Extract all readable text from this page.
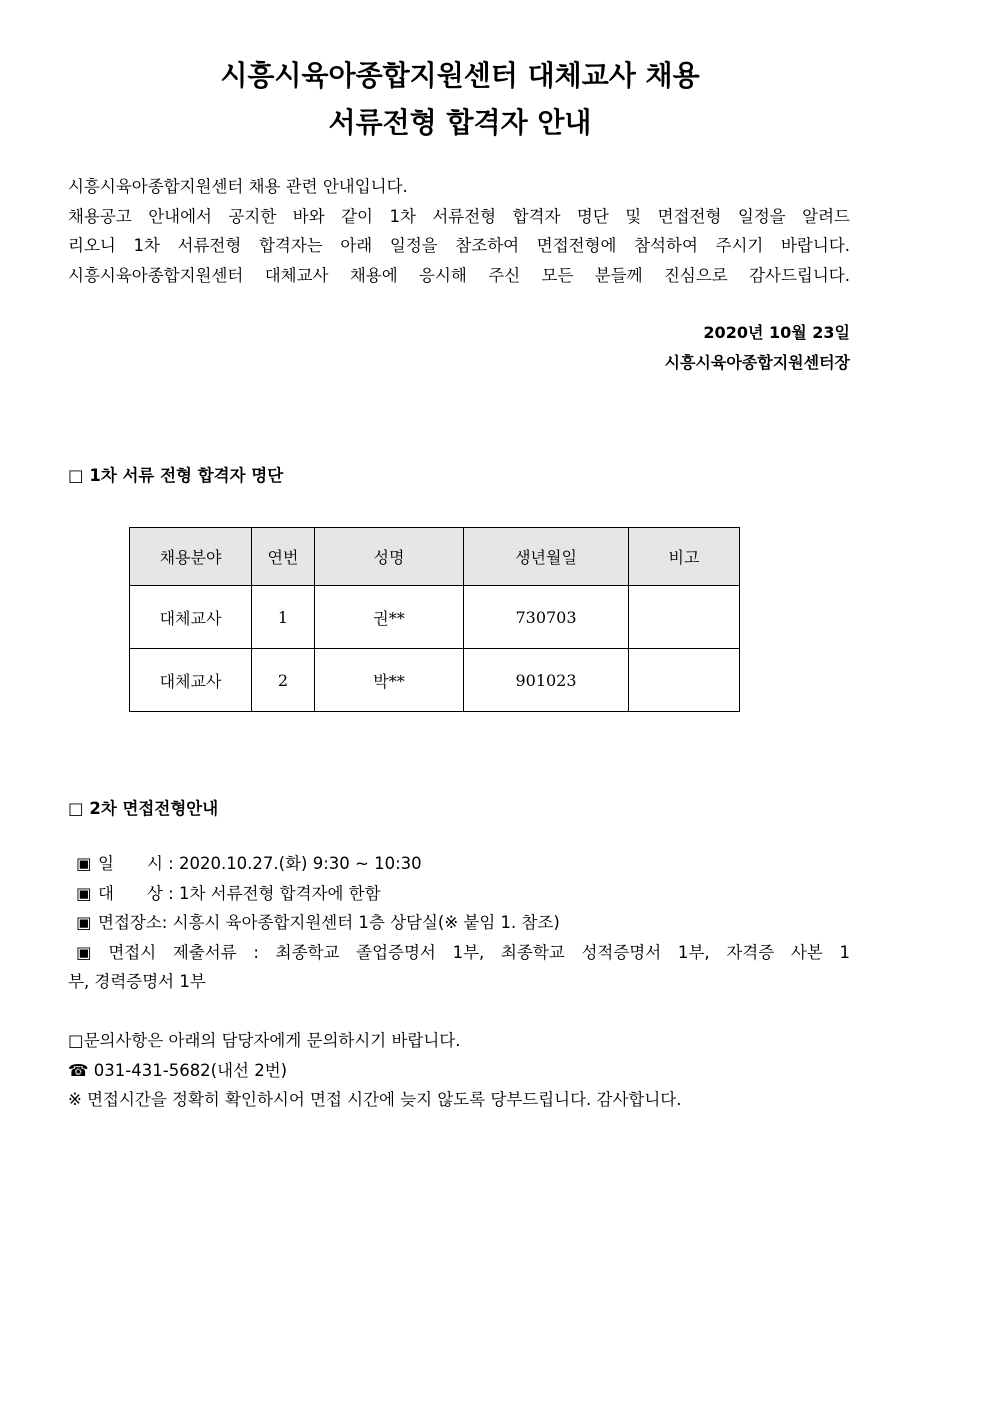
시흥시육아종합지원센터 대체교사 채용
서류전형 합격자 안내
시흥시육아종합지원센터 채용 관련 안내입니다.
채용공고 안내에서 공지한 바와 같이 1차 서류전형 합격자 명단 및 면접전형 일정을 알려드
리오니 1차 서류전형 합격자는 아래 일정을 참조하여 면접전형에 참석하여 주시기 바랍니다.
시흥시육아종합지원센터 대체교사 채용에 응시해 주신 모든 분들께 진심으로 감사드립니다.
2020년 10월 23일
시흥시육아종합지원센터장
□ 1차 서류 전형 합격자 명단
채용분야	연번	성명	생년월일	비고
대체교사	1	권**	730703	
대체교사	2	박**	901023	
□ 2차 면접전형안내
▣ 일　　시 : 2020.10.27.(화) 9:30 ~ 10:30
▣ 대　　상 : 1차 서류전형 합격자에 한함
▣ 면접장소: 시흥시 육아종합지원센터 1층 상담실(※ 붙임 1. 참조)
▣ 면접시 제출서류 : 최종학교 졸업증명서 1부, 최종학교 성적증명서 1부, 자격증 사본 1
부, 경력증명서 1부
□문의사항은 아래의 담당자에게 문의하시기 바랍니다.
☎ 031-431-5682(내선 2번)
※ 면접시간을 정확히 확인하시어 면접 시간에 늦지 않도록 당부드립니다. 감사합니다.
